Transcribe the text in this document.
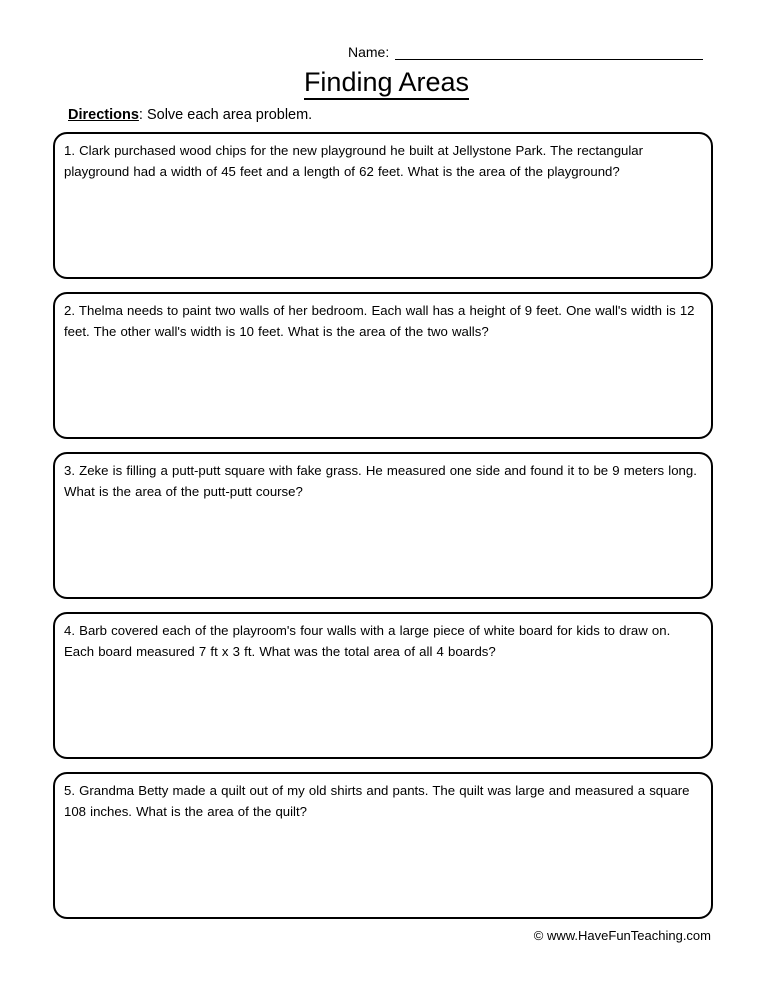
Name:
Finding Areas
Directions: Solve each area problem.
1. Clark purchased wood chips for the new playground he built at Jellystone Park. The rectangular playground had a width of 45 feet and a length of 62 feet. What is the area of the playground?
2. Thelma needs to paint two walls of her bedroom. Each wall has a height of 9 feet. One wall's width is 12 feet. The other wall's width is 10 feet. What is the area of the two walls?
3. Zeke is filling a putt-putt square with fake grass. He measured one side and found it to be 9 meters long. What is the area of the putt-putt course?
4. Barb covered each of the playroom's four walls with a large piece of white board for kids to draw on. Each board measured 7 ft x 3 ft. What was the total area of all 4 boards?
5. Grandma Betty made a quilt out of my old shirts and pants. The quilt was large and measured a square 108 inches. What is the area of the quilt?
© www.HaveFunTeaching.com
